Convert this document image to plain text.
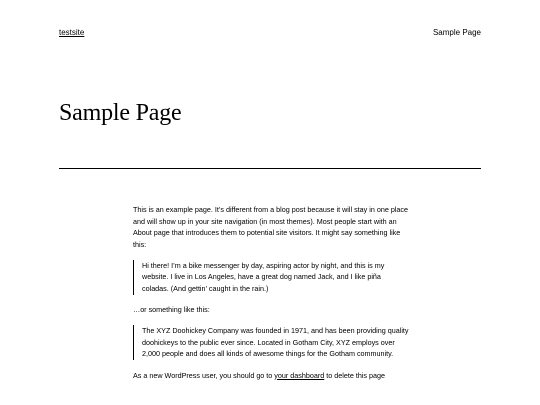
testsite	Sample Page
Sample Page

This is an example page. It’s different from a blog post because it will stay in one place and will show up in your site navigation (in most themes). Most people start with an About page that introduces them to potential site visitors. It might say something like this:

Hi there! I’m a bike messenger by day, aspiring actor by night, and this is my website. I live in Los Angeles, have a great dog named Jack, and I like piña coladas. (And gettin’ caught in the rain.)

…or something like this:

The XYZ Doohickey Company was founded in 1971, and has been providing quality doohickeys to the public ever since. Located in Gotham City, XYZ employs over 2,000 people and does all kinds of awesome things for the Gotham community.

As a new WordPress user, you should go to your dashboard to delete this page
